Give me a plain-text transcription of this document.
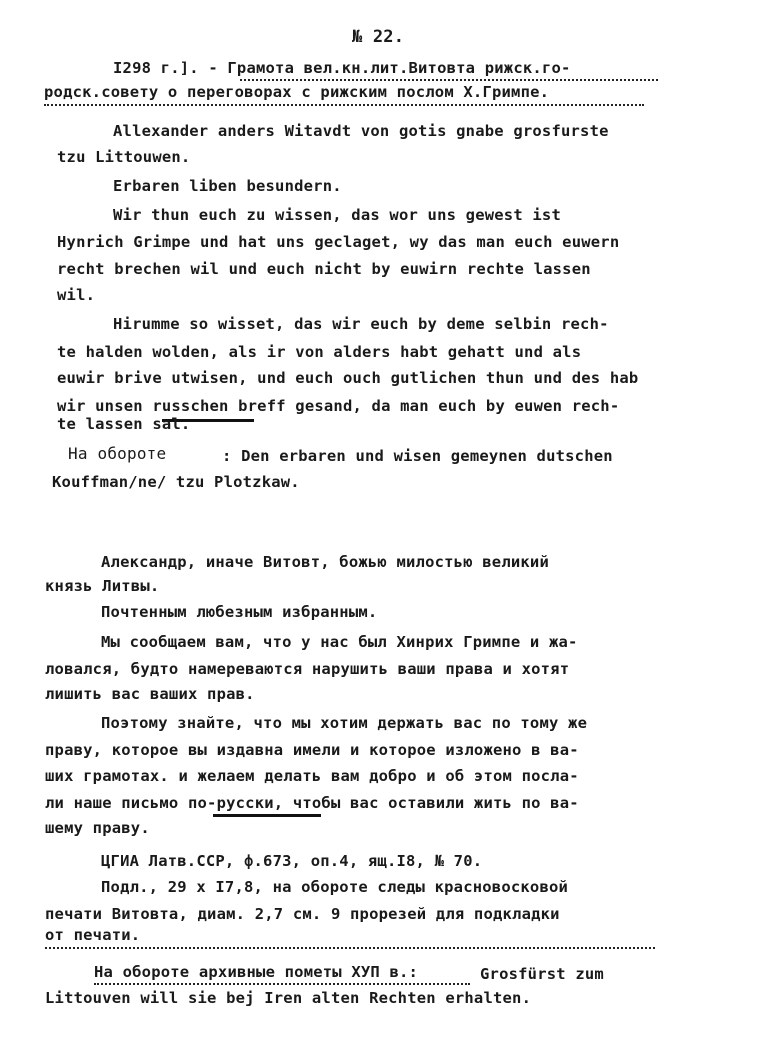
№ 22.
I298 г.]. - Грамота вел.кн.лит.Витовта рижск.го-
родск.совету о переговорах с рижским послом Х.Гримпе.
Allexander anders Witavdt von gotis gnabe grosfurste
tzu Littouwen.
Erbaren liben besundern.
Wir thun euch zu wissen, das wor uns gewest ist
Hynrich Grimpe und hat uns geclaget, wy das man euch euwern
recht brechen wil und euch nicht by euwirn rechte lassen
wil.
Hirumme so wisset, das wir euch by deme selbin rech-
te halden wolden, als ir von alders habt gehatt und als
euwir brive utwisen, und euch ouch gutlichen thun und des hab
wir unsen russchen breff gesand, da man euch by euwen rech-
te lassen sal.
На обороте	: Den erbaren und wisen gemeynen dutschen
Kouffman/ne/ tzu Plotzkaw.
Александр, иначе Витовт, божью милостью великий
князь Литвы.
Почтенным любезным избранным.
Мы сообщаем вам, что у нас был Хинрих Гримпе и жа-
ловался, будто намереваются нарушить ваши права и хотят
лишить вас ваших прав.
Поэтому знайте, что мы хотим держать вас по тому же
праву, которое вы издавна имели и которое изложено в ва-
ших грамотах. и желаем делать вам добро и об этом посла-
ли наше письмо по-русски, чтобы вас оставили жить по ва-
шему праву.
ЦГИА Латв.ССР, ф.673, оп.4, ящ.I8, № 70.
Подл., 29 х I7,8, на обороте следы красновосковой
печати Витовта, диам. 2,7 см. 9 прорезей для подкладки
от печати.
На обороте архивные пометы ХУП в.:	Grosfürst zum
Littouven will sie bej Iren alten Rechten erhalten.
